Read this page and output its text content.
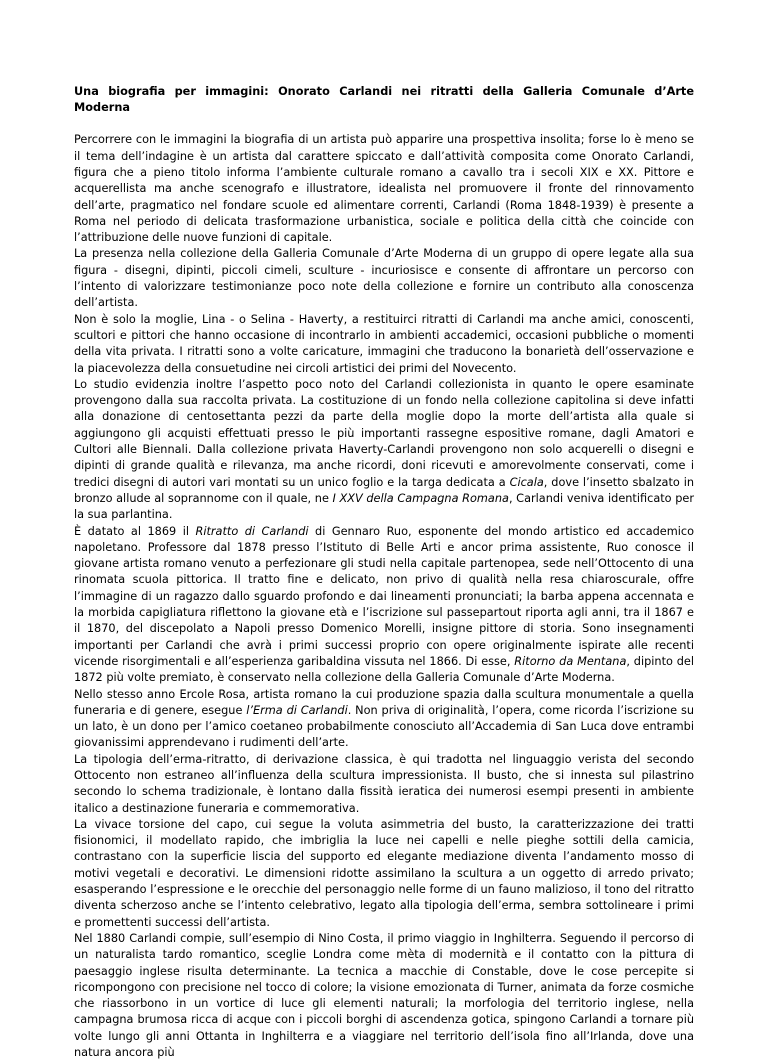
Una biografia per immagini: Onorato Carlandi nei ritratti della Galleria Comunale d’Arte Moderna

Percorrere con le immagini la biografia di un artista può apparire una prospettiva insolita; forse lo è meno se il tema dell’indagine è un artista dal carattere spiccato e dall’attività composita come Onorato Carlandi, figura che a pieno titolo informa l’ambiente culturale romano a cavallo tra i secoli XIX e XX. Pittore e acquerellista ma anche scenografo e illustratore, idealista nel promuovere il fronte del rinnovamento dell’arte, pragmatico nel fondare scuole ed alimentare correnti, Carlandi (Roma 1848-1939) è presente a Roma nel periodo di delicata trasformazione urbanistica, sociale e politica della città che coincide con l’attribuzione delle nuove funzioni di capitale.

La presenza nella collezione della Galleria Comunale d’Arte Moderna di un gruppo di opere legate alla sua figura - disegni, dipinti, piccoli cimeli, sculture - incuriosisce e consente di affrontare un percorso con l’intento di valorizzare testimonianze poco note della collezione e fornire un contributo alla conoscenza dell’artista.

Non è solo la moglie, Lina - o Selina - Haverty, a restituirci ritratti di Carlandi ma anche amici, conoscenti, scultori e pittori che hanno occasione di incontrarlo in ambienti accademici, occasioni pubbliche o momenti della vita privata. I ritratti sono a volte caricature, immagini che traducono la bonarietà dell’osservazione e la piacevolezza della consuetudine nei circoli artistici dei primi del Novecento.

Lo studio evidenzia inoltre l’aspetto poco noto del Carlandi collezionista in quanto le opere esaminate provengono dalla sua raccolta privata. La costituzione di un fondo nella collezione capitolina si deve infatti alla donazione di centosettanta pezzi da parte della moglie dopo la morte dell’artista alla quale si aggiungono gli acquisti effettuati presso le più importanti rassegne espositive romane, dagli Amatori e Cultori alle Biennali. Dalla collezione privata Haverty-Carlandi provengono non solo acquerelli o disegni e dipinti di grande qualità e rilevanza, ma anche ricordi, doni ricevuti e amorevolmente conservati, come i tredici disegni di autori vari montati su un unico foglio e la targa dedicata a Cicala, dove l’insetto sbalzato in bronzo allude al soprannome con il quale, ne I XXV della Campagna Romana, Carlandi veniva identificato per la sua parlantina.

È datato al 1869 il Ritratto di Carlandi di Gennaro Ruo, esponente del mondo artistico ed accademico napoletano. Professore dal 1878 presso l’Istituto di Belle Arti e ancor prima assistente, Ruo conosce il giovane artista romano venuto a perfezionare gli studi nella capitale partenopea, sede nell’Ottocento di una rinomata scuola pittorica. Il tratto fine e delicato, non privo di qualità nella resa chiaroscurale, offre l’immagine di un ragazzo dallo sguardo profondo e dai lineamenti pronunciati; la barba appena accennata e la morbida capigliatura riflettono la giovane età e l’iscrizione sul passepartout riporta agli anni, tra il 1867 e il 1870, del discepolato a Napoli presso Domenico Morelli, insigne pittore di storia. Sono insegnamenti importanti per Carlandi che avrà i primi successi proprio con opere originalmente ispirate alle recenti vicende risorgimentali e all’esperienza garibaldina vissuta nel 1866. Di esse, Ritorno da Mentana, dipinto del 1872 più volte premiato, è conservato nella collezione della Galleria Comunale d’Arte Moderna.

Nello stesso anno Ercole Rosa, artista romano la cui produzione spazia dalla scultura monumentale a quella funeraria e di genere, esegue l’Erma di Carlandi. Non priva di originalità, l’opera, come ricorda l’iscrizione su un lato, è un dono per l’amico coetaneo probabilmente conosciuto all’Accademia di San Luca dove entrambi giovanissimi apprendevano i rudimenti dell’arte.

La tipologia dell’erma-ritratto, di derivazione classica, è qui tradotta nel linguaggio verista del secondo Ottocento non estraneo all’influenza della scultura impressionista. Il busto, che si innesta sul pilastrino secondo lo schema tradizionale, è lontano dalla fissità ieratica dei numerosi esempi presenti in ambiente italico a destinazione funeraria e commemorativa.

La vivace torsione del capo, cui segue la voluta asimmetria del busto, la caratterizzazione dei tratti fisionomici, il modellato rapido, che imbriglia la luce nei capelli e nelle pieghe sottili della camicia, contrastano con la superficie liscia del supporto ed elegante mediazione diventa l’andamento mosso di motivi vegetali e decorativi. Le dimensioni ridotte assimilano la scultura a un oggetto di arredo privato; esasperando l’espressione e le orecchie del personaggio nelle forme di un fauno malizioso, il tono del ritratto diventa scherzoso anche se l’intento celebrativo, legato alla tipologia dell’erma, sembra sottolineare i primi e promettenti successi dell’artista.

Nel 1880 Carlandi compie, sull’esempio di Nino Costa, il primo viaggio in Inghilterra. Seguendo il percorso di un naturalista tardo romantico, sceglie Londra come mèta di modernità e il contatto con la pittura di paesaggio inglese risulta determinante. La tecnica a macchie di Constable, dove le cose percepite si ricompongono con precisione nel tocco di colore; la visione emozionata di Turner, animata da forze cosmiche che riassorbono in un vortice di luce gli elementi naturali; la morfologia del territorio inglese, nella campagna brumosa ricca di acque con i piccoli borghi di ascendenza gotica, spingono Carlandi a tornare più volte lungo gli anni Ottanta in Inghilterra e a viaggiare nel territorio dell’isola fino all’Irlanda, dove una natura ancora più
